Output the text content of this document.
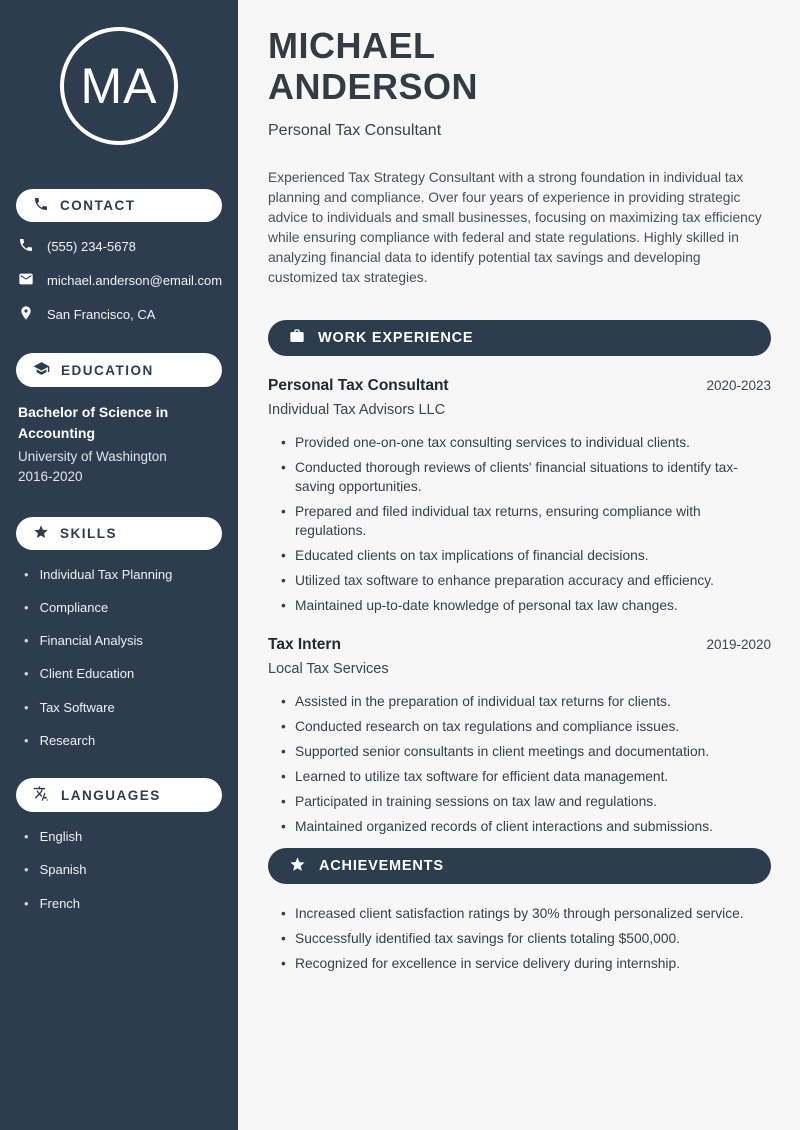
MA
CONTACT
(555) 234-5678
michael.anderson@email.com
San Francisco, CA
EDUCATION
Bachelor of Science in Accounting
University of Washington
2016-2020
SKILLS
• Individual Tax Planning
• Compliance
• Financial Analysis
• Client Education
• Tax Software
• Research
LANGUAGES
• English
• Spanish
• French
MICHAEL
ANDERSON
Personal Tax Consultant

Experienced Tax Strategy Consultant with a strong foundation in individual tax planning and compliance. Over four years of experience in providing strategic advice to individuals and small businesses, focusing on maximizing tax efficiency while ensuring compliance with federal and state regulations. Highly skilled in analyzing financial data to identify potential tax savings and developing customized tax strategies.

WORK EXPERIENCE
Personal Tax Consultant	2020-2023
Individual Tax Advisors LLC
• Provided one-on-one tax consulting services to individual clients.
• Conducted thorough reviews of clients' financial situations to identify tax-saving opportunities.
• Prepared and filed individual tax returns, ensuring compliance with regulations.
• Educated clients on tax implications of financial decisions.
• Utilized tax software to enhance preparation accuracy and efficiency.
• Maintained up-to-date knowledge of personal tax law changes.
Tax Intern	2019-2020
Local Tax Services
• Assisted in the preparation of individual tax returns for clients.
• Conducted research on tax regulations and compliance issues.
• Supported senior consultants in client meetings and documentation.
• Learned to utilize tax software for efficient data management.
• Participated in training sessions on tax law and regulations.
• Maintained organized records of client interactions and submissions.
ACHIEVEMENTS
• Increased client satisfaction ratings by 30% through personalized service.
• Successfully identified tax savings for clients totaling $500,000.
• Recognized for excellence in service delivery during internship.
